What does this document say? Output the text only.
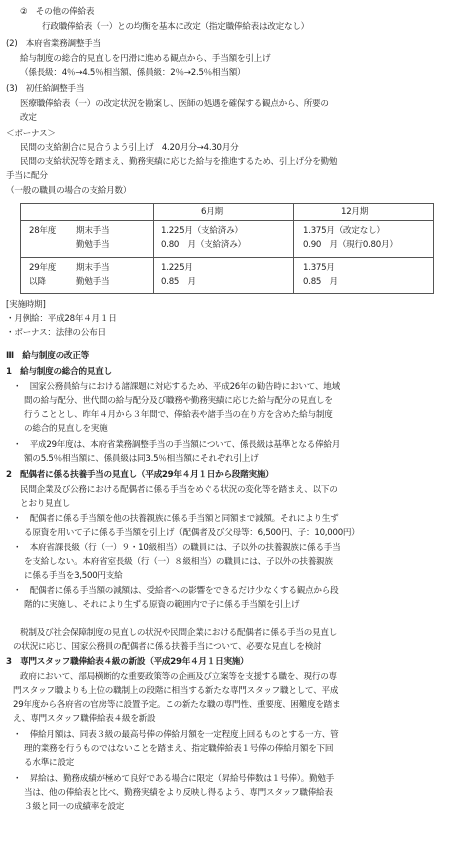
②　その他の俸給表
行政職俸給表（一）との均衡を基本に改定（指定職俸給表は改定なし）
(2)　本府省業務調整手当
給与制度の総合的見直しを円滑に進める観点から、手当額を引上げ
（係長級：4％→4.5％相当額、係員級：2％→2.5％相当額）
(3)　初任給調整手当
医療職俸給表（一）の改定状況を勘案し、医師の処遇を確保する観点から、所要の
改定
＜ボーナス＞
民間の支給割合に見合うよう引上げ　4.20月分→4.30月分
民間の支給状況等を踏まえ、勤務実績に応じた給与を推進するため、引上げ分を勤勉
手当に配分
（一般の職員の場合の支給月数）
6月期	12月期
28年度 期末手当
勤勉手当
1.225月（支給済み）
0.80　月（支給済み）
1.375月（改定なし）
0.90　月（現行0.80月）
29年度
以降
期末手当
勤勉手当
1.225月
0.85　月
1.375月
0.85　月
[実施時期]
・月例給：平成28年４月１日
・ボーナス：法律の公布日
Ⅲ　給与制度の改正等
1　給与制度の総合的見直し
・　国家公務員給与における諸課題に対応するため、平成26年の勧告時において、地域
間の給与配分、世代間の給与配分及び職務や勤務実績に応じた給与配分の見直しを
行うこととし、昨年４月から３年間で、俸給表や諸手当の在り方を含めた給与制度
の総合的見直しを実施
・　平成29年度は、本府省業務調整手当の手当額について、係長級は基準となる俸給月
額の5.5％相当額に、係員級は同3.5％相当額にそれぞれ引上げ
2　配偶者に係る扶養手当の見直し（平成29年４月１日から段階実施）
民間企業及び公務における配偶者に係る手当をめぐる状況の変化等を踏まえ、以下の
とおり見直し
・　配偶者に係る手当額を他の扶養親族に係る手当額と同額まで減額。それにより生ず
る原資を用いて子に係る手当額を引上げ（配偶者及び父母等：6,500円、子：10,000円）
・　本府省課長級（行（一）９・10級相当）の職員には、子以外の扶養親族に係る手当
を支給しない。本府省室長級（行（一）８級相当）の職員には、子以外の扶養親族
に係る手当を3,500円支給
・　配偶者に係る手当額の減額は、受給者への影響をできるだけ少なくする観点から段
階的に実施し、それにより生ずる原資の範囲内で子に係る手当額を引上げ
税制及び社会保障制度の見直しの状況や民間企業における配偶者に係る手当の見直し
の状況に応じ、国家公務員の配偶者に係る扶養手当について、必要な見直しを検討
3　専門スタッフ職俸給表４級の新設（平成29年４月１日実施）
政府において、部局横断的な重要政策等の企画及び立案等を支援する職を、現行の専
門スタッフ職よりも上位の職制上の段階に相当する新たな専門スタッフ職として、平成
29年度から各府省の官房等に設置予定。この新たな職の専門性、重要度、困難度を踏ま
え、専門スタッフ職俸給表４級を新設
・　俸給月額は、同表３級の最高号俸の俸給月額を一定程度上回るものとする一方、管
理的業務を行うものではないことを踏まえ、指定職俸給表１号俸の俸給月額を下回
る水準に設定
・　昇給は、勤務成績が極めて良好である場合に限定（昇給号俸数は１号俸）。勤勉手
当は、他の俸給表と比べ、勤務実績をより反映し得るよう、専門スタッフ職俸給表
３級と同一の成績率を設定
